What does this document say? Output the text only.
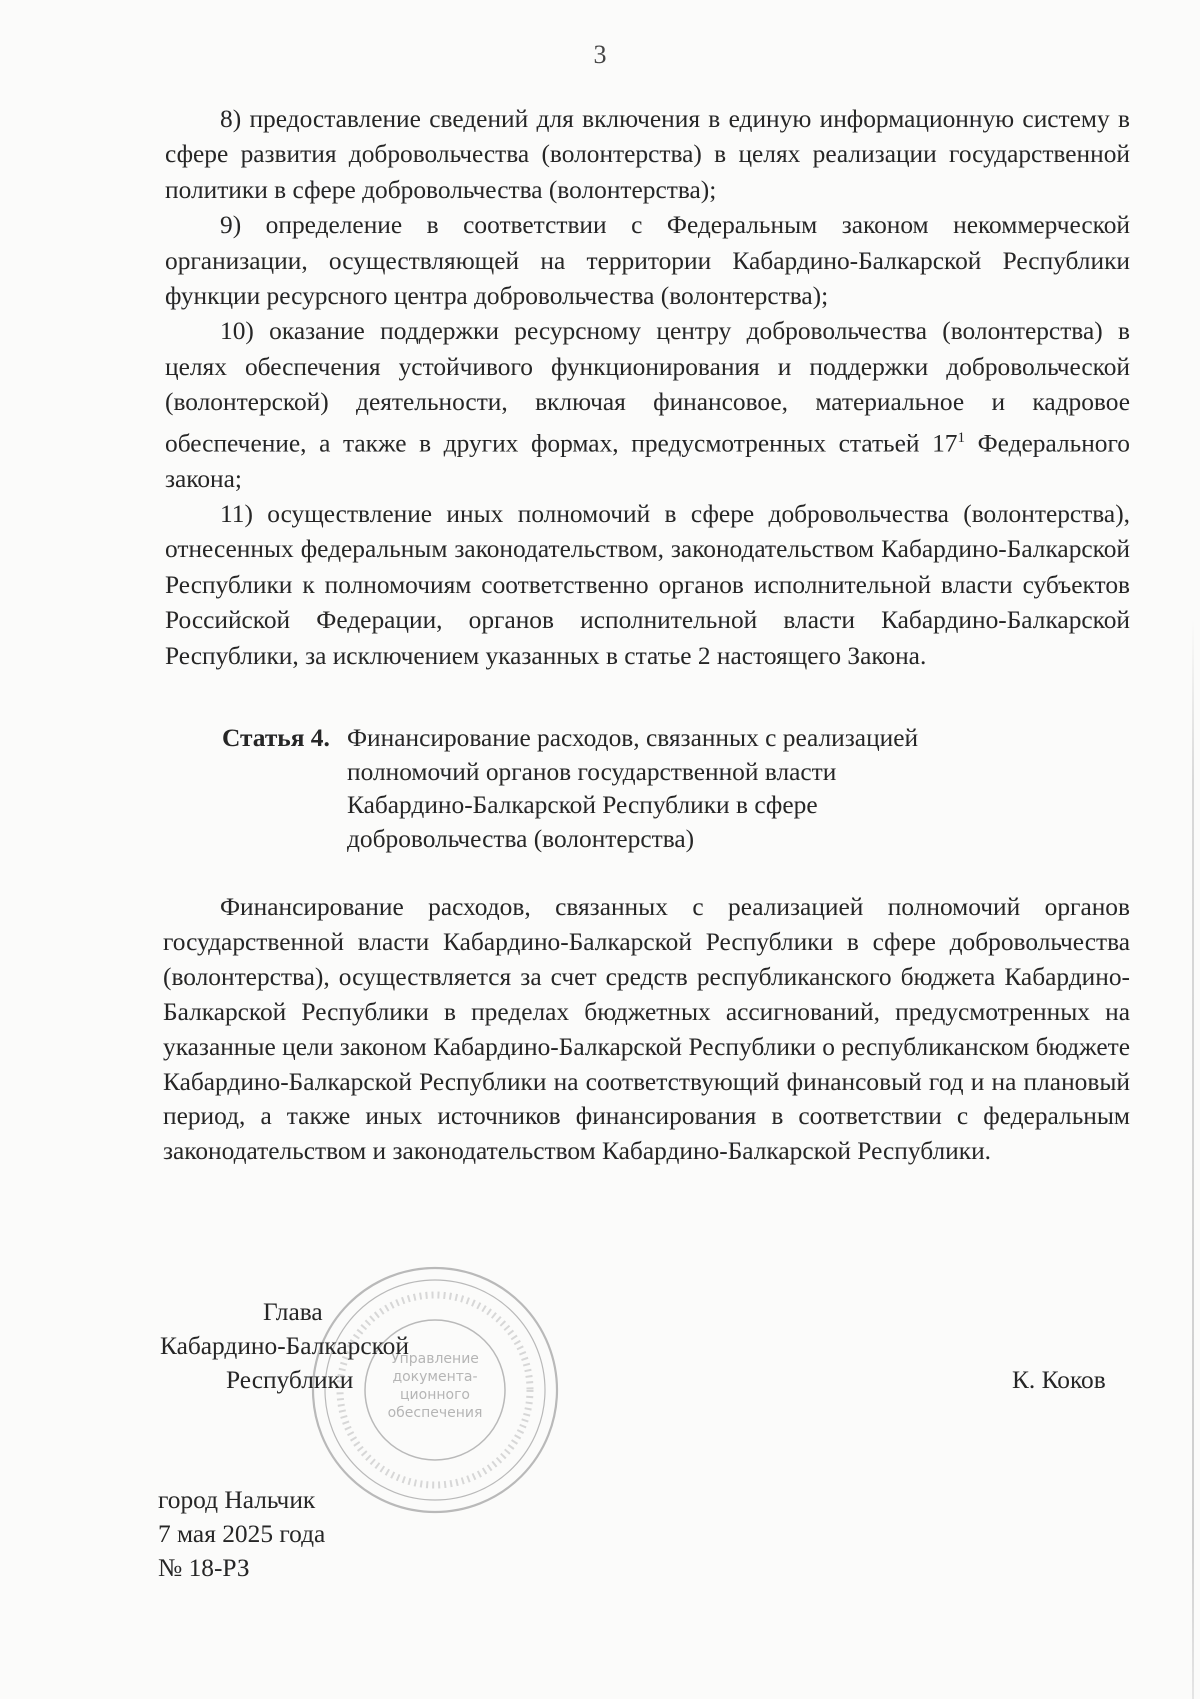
3

8) предоставление сведений для включения в единую информационную систему в сфере развития добровольчества (волонтерства) в целях реализации государственной политики в сфере добровольчества (волонтерства);

9) определение в соответствии с Федеральным законом некоммерческой организации, осуществляющей на территории Кабардино-Балкарской Республики функции ресурсного центра добровольчества (волонтерства);

10) оказание поддержки ресурсному центру добровольчества (волонтерства) в целях обеспечения устойчивого функционирования и поддержки добровольческой (волонтерской) деятельности, включая финансовое, материальное и кадровое обеспечение, а также в других формах, предусмотренных статьей $17^1$ Федерального закона;

11) осуществление иных полномочий в сфере добровольчества (волонтерства), отнесенных федеральным законодательством, законодательством Кабардино-Балкарской Республики к полномочиям соответственно органов исполнительной власти субъектов Российской Федерации, органов исполнительной власти Кабардино-Балкарской Республики, за исключением указанных в статье 2 настоящего Закона.

Статья 4. Финансирование расходов, связанных с реализацией
полномочий органов государственной власти
Кабардино-Балкарской Республики в сфере
добровольчества (волонтерства)

Финансирование расходов, связанных с реализацией полномочий органов государственной власти Кабардино-Балкарской Республики в сфере добровольчества (волонтерства), осуществляется за счет средств республиканского бюджета Кабардино-Балкарской Республики в пределах бюджетных ассигнований, предусмотренных на указанные цели законом Кабардино-Балкарской Республики о республиканском бюджете Кабардино-Балкарской Республики на соответствующий финансовый год и на плановый период, а также иных источников финансирования в соответствии с федеральным законодательством и законодательством Кабардино-Балкарской Республики.

Управление
документа-
ционного
обеспечения
Глава
Кабардино-Балкарской
Республики	К. Коков
город Нальчик
7 мая 2025 года
№ 18-РЗ
